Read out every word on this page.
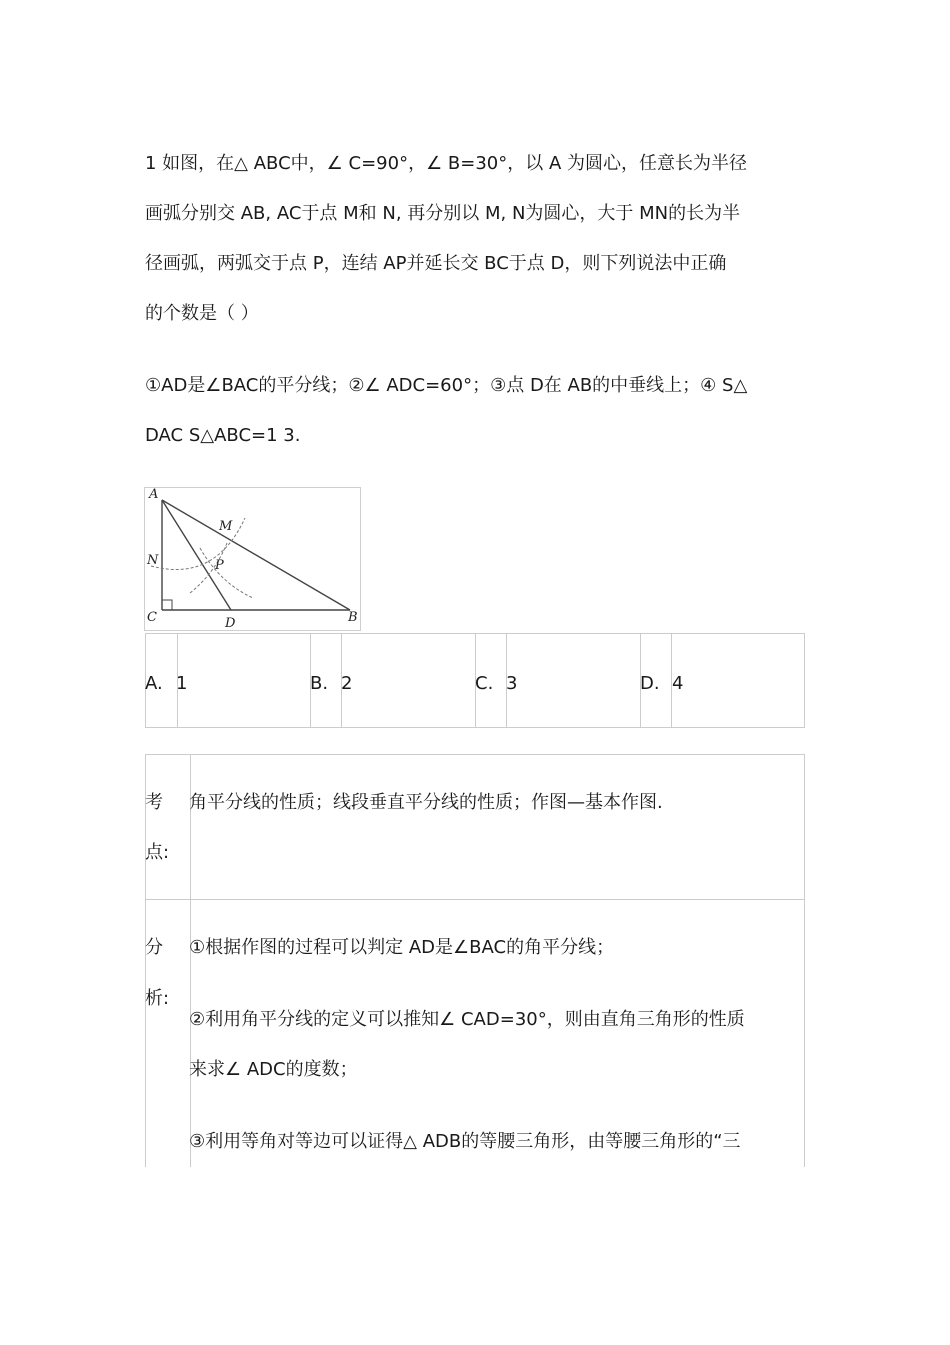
1 如图，在△ ABC中，∠ C=90°，∠ B=30°，以 A 为圆心，任意长为半径
画弧分别交 AB, AC于点 M和 N, 再分别以 M, N为圆心，大于 MN的长为半
径画弧，两弧交于点 P，连结 AP并延长交 BC于点 D，则下列说法中正确
的个数是（ ）
①AD是∠BAC的平分线；②∠ ADC=60°；③点 D在 AB的中垂线上；④ S△
DAC S△ABC=1 3.
A
M
N	P
C	D	B
A. 1	B. 2	C. 3	D. 4
考
点:
角平分线的性质；线段垂直平分线的性质；作图—基本作图.
分
析:
①根据作图的过程可以判定 AD是∠BAC的角平分线；
②利用角平分线的定义可以推知∠ CAD=30°，则由直角三角形的性质
来求∠ ADC的度数；
③利用等角对等边可以证得△ ADB的等腰三角形，由等腰三角形的“三
